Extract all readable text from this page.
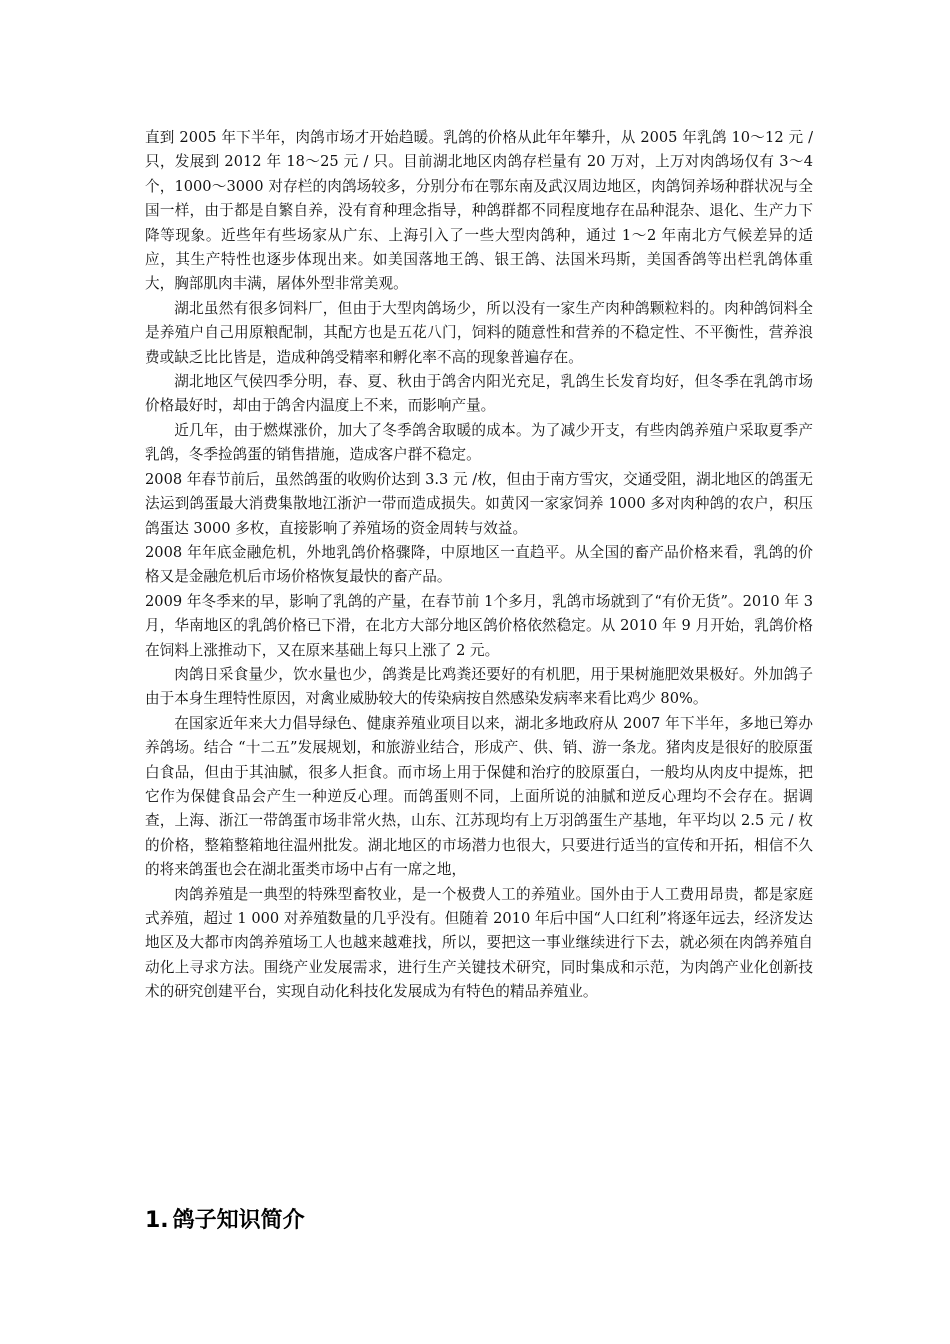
直到 2005 年下半年，肉鸽市场才开始趋暖。乳鸽的价格从此年年攀升，从 2005 年乳鸽 10～12 元 / 只，发展到 2012 年 18～25 元 / 只。目前湖北地区肉鸽存栏量有 20 万对，上万对肉鸽场仅有 3～4 个，1000～3000 对存栏的肉鸽场较多，分别分布在鄂东南及武汉周边地区，肉鸽饲养场种群状况与全国一样，由于都是自繁自养，没有育种理念指导，种鸽群都不同程度地存在品种混杂、退化、生产力下降等现象。近些年有些场家从广东、上海引入了一些大型肉鸽种，通过 1～2 年南北方气候差异的适应，其生产特性也逐步体现出来。如美国落地王鸽、银王鸽、法国米玛斯，美国香鸽等出栏乳鸽体重大，胸部肌肉丰满，屠体外型非常美观。

湖北虽然有很多饲料厂，但由于大型肉鸽场少，所以没有一家生产肉种鸽颗粒料的。肉种鸽饲料全是养殖户自己用原粮配制，其配方也是五花八门，饲料的随意性和营养的不稳定性、不平衡性，营养浪费或缺乏比比皆是，造成种鸽受精率和孵化率不高的现象普遍存在。

湖北地区气侯四季分明，春、夏、秋由于鸽舍内阳光充足，乳鸽生长发育均好，但冬季在乳鸽市场价格最好时，却由于鸽舍内温度上不来，而影响产量。

近几年，由于燃煤涨价，加大了冬季鸽舍取暖的成本。为了减少开支，有些肉鸽养殖户采取夏季产乳鸽，冬季捡鸽蛋的销售措施，造成客户群不稳定。

2008 年春节前后，虽然鸽蛋的收购价达到 3.3 元 /枚，但由于南方雪灾，交通受阻，湖北地区的鸽蛋无法运到鸽蛋最大消费集散地江浙沪一带而造成损失。如黄冈一家家饲养 1000 多对肉种鸽的农户，积压鸽蛋达 3000 多枚，直接影响了养殖场的资金周转与效益。

2008 年年底金融危机，外地乳鸽价格骤降，中原地区一直趋平。从全国的畜产品价格来看，乳鸽的价格又是金融危机后市场价格恢复最快的畜产品。

2009 年冬季来的早，影响了乳鸽的产量，在春节前 1个多月，乳鸽市场就到了“有价无货”。2010 年 3 月，华南地区的乳鸽价格已下滑，在北方大部分地区鸽价格依然稳定。从 2010 年 9 月开始，乳鸽价格在饲料上涨推动下，又在原来基础上每只上涨了 2 元。

肉鸽日采食量少，饮水量也少，鸽粪是比鸡粪还要好的有机肥，用于果树施肥效果极好。外加鸽子由于本身生理特性原因，对禽业威胁较大的传染病按自然感染发病率来看比鸡少 80%。

在国家近年来大力倡导绿色、健康养殖业项目以来，湖北多地政府从 2007 年下半年，多地已筹办养鸽场。结合 “十二五”发展规划，和旅游业结合，形成产、供、销、游一条龙。猪肉皮是很好的胶原蛋白食品，但由于其油腻，很多人拒食。而市场上用于保健和治疗的胶原蛋白，一般均从肉皮中提炼，把它作为保健食品会产生一种逆反心理。而鸽蛋则不同，上面所说的油腻和逆反心理均不会存在。据调查，上海、浙江一带鸽蛋市场非常火热，山东、江苏现均有上万羽鸽蛋生产基地，年平均以 2.5 元 / 枚的价格，整箱整箱地往温州批发。湖北地区的市场潜力也很大，只要进行适当的宣传和开拓，相信不久的将来鸽蛋也会在湖北蛋类市场中占有一席之地，

肉鸽养殖是一典型的特殊型畜牧业，是一个极费人工的养殖业。国外由于人工费用昂贵，都是家庭式养殖，超过 1 000 对养殖数量的几乎没有。但随着 2010 年后中国“人口红利”将逐年远去，经济发达地区及大都市肉鸽养殖场工人也越来越难找，所以，要把这一事业继续进行下去，就必须在肉鸽养殖自动化上寻求方法。围绕产业发展需求，进行生产关键技术研究，同时集成和示范，为肉鸽产业化创新技术的研究创建平台，实现自动化科技化发展成为有特色的精品养殖业。

1. 鸽子知识简介
